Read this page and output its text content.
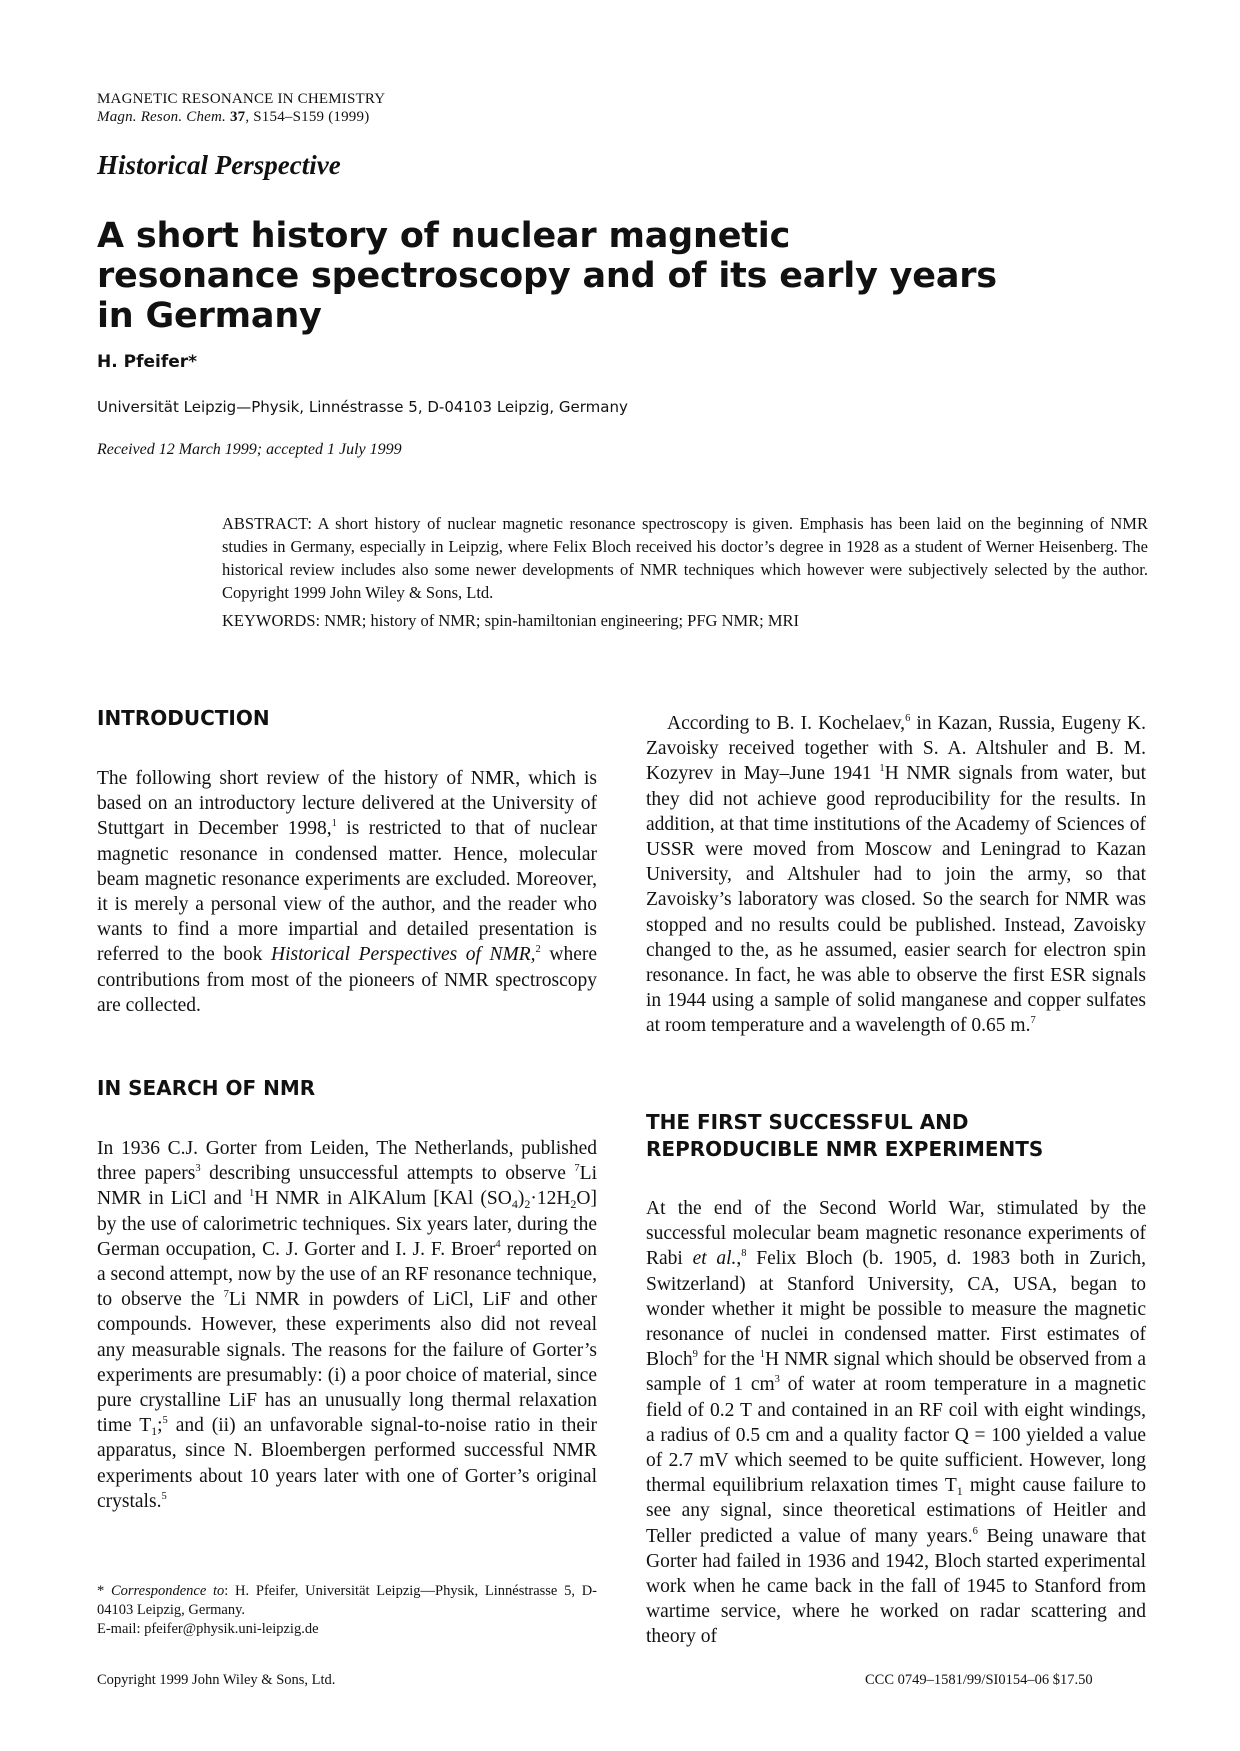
MAGNETIC RESONANCE IN CHEMISTRY
Magn. Reson. Chem. 37, S154–S159 (1999)
Historical Perspective
A short history of nuclear magnetic resonance spectroscopy and of its early years in Germany
H. Pfeifer*
Universität Leipzig—Physik, Linnéstrasse 5, D-04103 Leipzig, Germany
Received 12 March 1999; accepted 1 July 1999
ABSTRACT: A short history of nuclear magnetic resonance spectroscopy is given. Emphasis has been laid on the beginning of NMR studies in Germany, especially in Leipzig, where Felix Bloch received his doctor’s degree in 1928 as a student of Werner Heisenberg. The historical review includes also some newer developments of NMR techniques which however were subjectively selected by the author. Copyright 1999 John Wiley & Sons, Ltd.
KEYWORDS: NMR; history of NMR; spin-hamiltonian engineering; PFG NMR; MRI
INTRODUCTION

The following short review of the history of NMR, which is based on an introductory lecture delivered at the University of Stuttgart in December 1998,$^1$ is restricted to that of nuclear magnetic resonance in condensed matter. Hence, molecular beam magnetic resonance experiments are excluded. Moreover, it is merely a personal view of the author, and the reader who wants to find a more impartial and detailed presentation is referred to the book Historical Perspectives of NMR,$^2$ where contributions from most of the pioneers of NMR spectroscopy are collected.

IN SEARCH OF NMR

In 1936 C.J. Gorter from Leiden, The Netherlands, published three papers$^3$ describing unsuccessful attempts to observe $^7$Li NMR in LiCl and $^1$H NMR in AlKAlum [KAl $(SO_4)_2\cdot 12H_2O$] by the use of calorimetric techniques. Six years later, during the German occupation, C. J. Gorter and I. J. F. Broer$^4$ reported on a second attempt, now by the use of an RF resonance technique, to observe the $^7$Li NMR in powders of LiCl, LiF and other compounds. However, these experiments also did not reveal any measurable signals. The reasons for the failure of Gorter’s experiments are presumably: (i) a poor choice of material, since pure crystalline LiF has an unusually long thermal relaxation time $T_1;^5$ and (ii) an unfavorable signal-to-noise ratio in their apparatus, since N. Bloembergen performed successful NMR experiments about 10 years later with one of Gorter’s original crystals.$^5$

* Correspondence to: H. Pfeifer, Universität Leipzig—Physik, Linnéstrasse 5, D-04103 Leipzig, Germany.
E-mail: pfeifer@physik.uni-leipzig.de

According to B. I. Kochelaev,$^6$ in Kazan, Russia, Eugeny K. Zavoisky received together with S. A. Altshuler and B. M. Kozyrev in May–June 1941 $^1$H NMR signals from water, but they did not achieve good reproducibility for the results. In addition, at that time institutions of the Academy of Sciences of USSR were moved from Moscow and Leningrad to Kazan University, and Altshuler had to join the army, so that Zavoisky’s laboratory was closed. So the search for NMR was stopped and no results could be published. Instead, Zavoisky changed to the, as he assumed, easier search for electron spin resonance. In fact, he was able to observe the first ESR signals in 1944 using a sample of solid manganese and copper sulfates at room temperature and a wavelength of 0.65 m.$^7$

THE FIRST SUCCESSFUL AND REPRODUCIBLE NMR EXPERIMENTS

At the end of the Second World War, stimulated by the successful molecular beam magnetic resonance experiments of Rabi et al.,$^8$ Felix Bloch (b. 1905, d. 1983 both in Zurich, Switzerland) at Stanford University, CA, USA, began to wonder whether it might be possible to measure the magnetic resonance of nuclei in condensed matter. First estimates of Bloch$^9$ for the $^1$H NMR signal which should be observed from a sample of 1 $cm^3$ of water at room temperature in a magnetic field of 0.2 T and contained in an RF coil with eight windings, a radius of 0.5 cm and a quality factor Q = 100 yielded a value of 2.7 mV which seemed to be quite sufficient. However, long thermal equilibrium relaxation times $T_1$ might cause failure to see any signal, since theoretical estimations of Heitler and Teller predicted a value of many years.$^6$ Being unaware that Gorter had failed in 1936 and 1942, Bloch started experimental work when he came back in the fall of 1945 to Stanford from wartime service, where he worked on radar scattering and theory of

Copyright 1999 John Wiley & Sons, Ltd.	CCC 0749–1581/99/SI0154–06 $17.50
